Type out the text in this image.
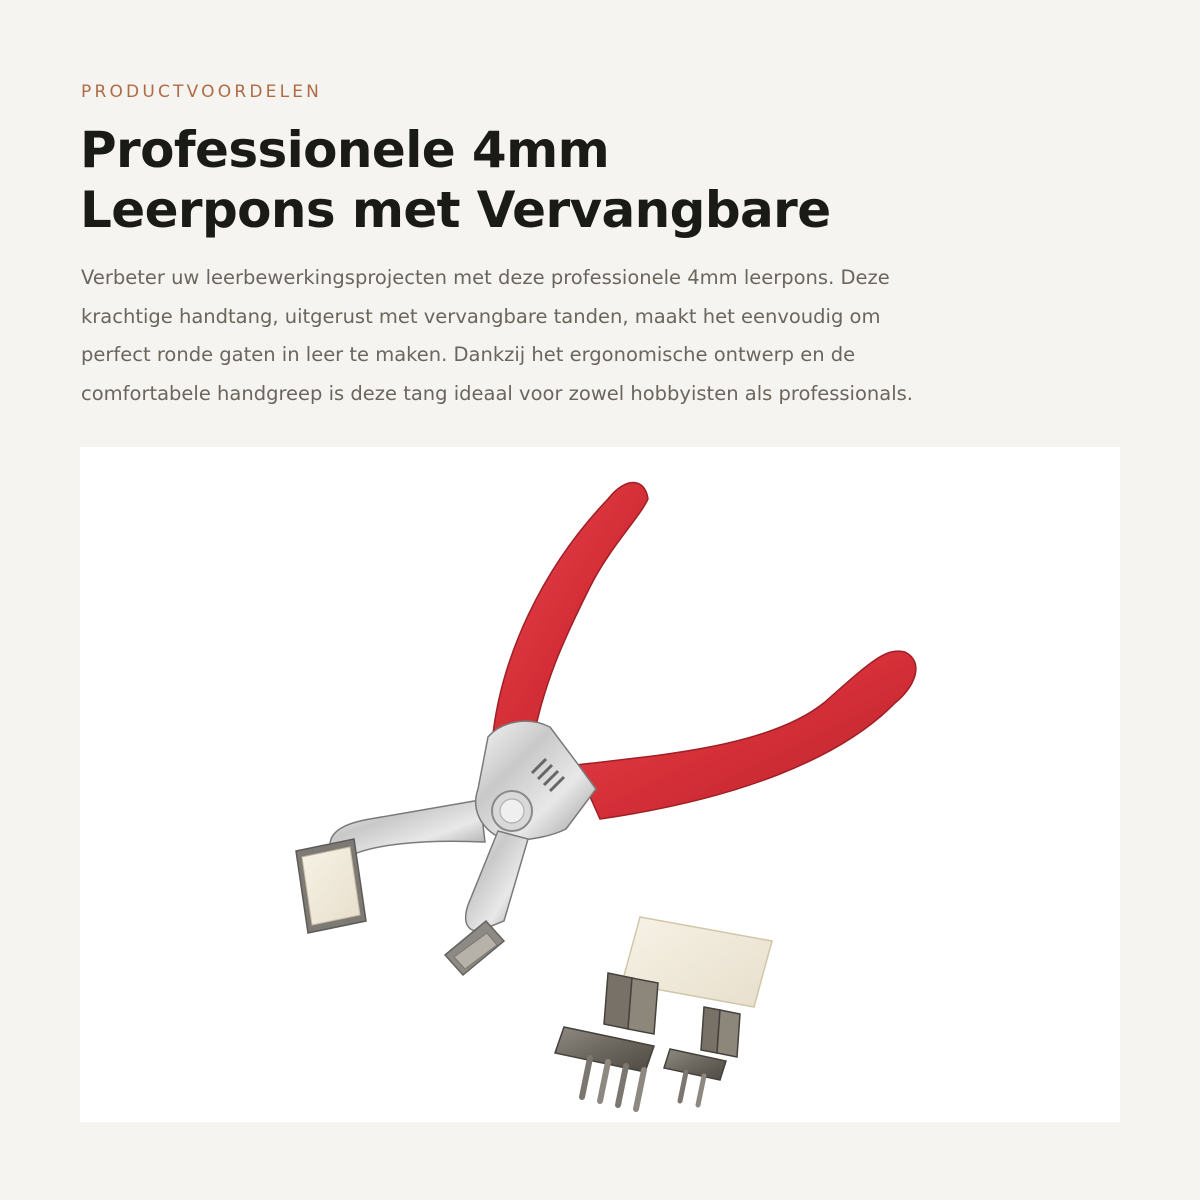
PRODUCTVOORDELEN

Professionele 4mm
Leerpons met Vervangbare

Verbeter uw leerbewerkingsprojecten met deze professionele 4mm leerpons. Deze
krachtige handtang, uitgerust met vervangbare tanden, maakt het eenvoudig om
perfect ronde gaten in leer te maken. Dankzij het ergonomische ontwerp en de
comfortabele handgreep is deze tang ideaal voor zowel hobbyisten als professionals.
